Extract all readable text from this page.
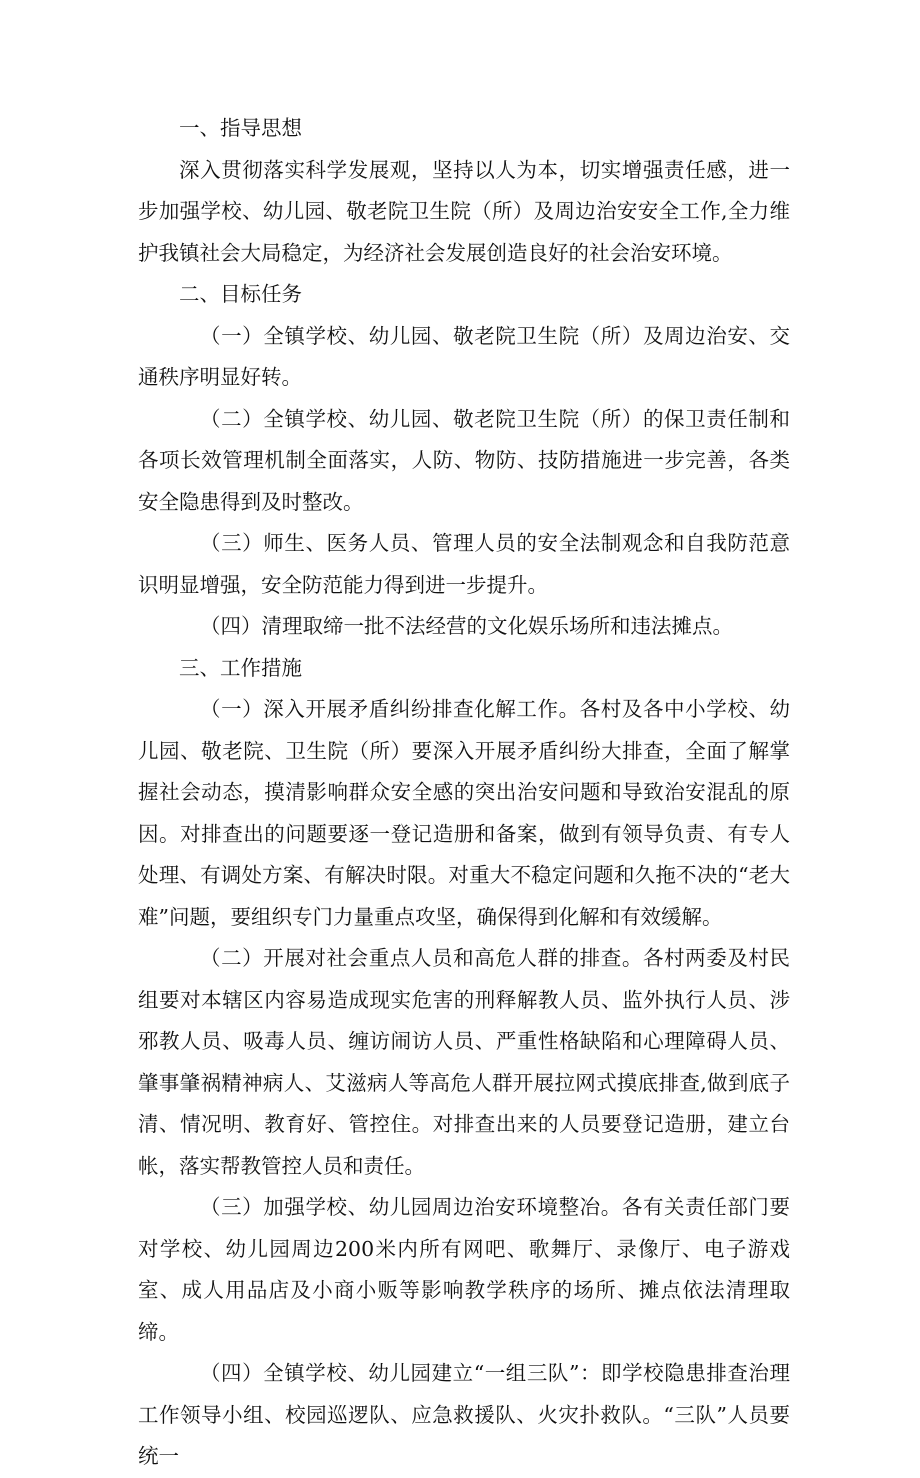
一、指导思想

深入贯彻落实科学发展观，坚持以人为本，切实增强责任感，进一步加强学校、幼儿园、敬老院卫生院（所）及周边治安安全工作,全力维护我镇社会大局稳定，为经济社会发展创造良好的社会治安环境。

二、目标任务

（一）全镇学校、幼儿园、敬老院卫生院（所）及周边治安、交通秩序明显好转。

（二）全镇学校、幼儿园、敬老院卫生院（所）的保卫责任制和各项长效管理机制全面落实，人防、物防、技防措施进一步完善，各类安全隐患得到及时整改。

（三）师生、医务人员、管理人员的安全法制观念和自我防范意识明显增强，安全防范能力得到进一步提升。

（四）清理取缔一批不法经营的文化娱乐场所和违法摊点。

三、工作措施

（一）深入开展矛盾纠纷排查化解工作。各村及各中小学校、幼儿园、敬老院、卫生院（所）要深入开展矛盾纠纷大排查，全面了解掌握社会动态，摸清影响群众安全感的突出治安问题和导致治安混乱的原因。对排查出的问题要逐一登记造册和备案，做到有领导负责、有专人处理、有调处方案、有解决时限。对重大不稳定问题和久拖不决的“老大难”问题，要组织专门力量重点攻坚，确保得到化解和有效缓解。

（二）开展对社会重点人员和高危人群的排查。各村两委及村民组要对本辖区内容易造成现实危害的刑释解教人员、监外执行人员、涉邪教人员、吸毒人员、缠访闹访人员、严重性格缺陷和心理障碍人员、肇事肇祸精神病人、艾滋病人等高危人群开展拉网式摸底排查,做到底子清、情况明、教育好、管控住。对排查出来的人员要登记造册，建立台帐，落实帮教管控人员和责任。

（三）加强学校、幼儿园周边治安环境整冶。各有关责任部门要对学校、幼儿园周边200米内所有网吧、歌舞厅、录像厅、电子游戏室、成人用品店及小商小贩等影响教学秩序的场所、摊点依法清理取缔。

（四）全镇学校、幼儿园建立“一组三队”：即学校隐患排查治理工作领导小组、校园巡逻队、应急救援队、火灾扑救队。“三队”人员要统一
